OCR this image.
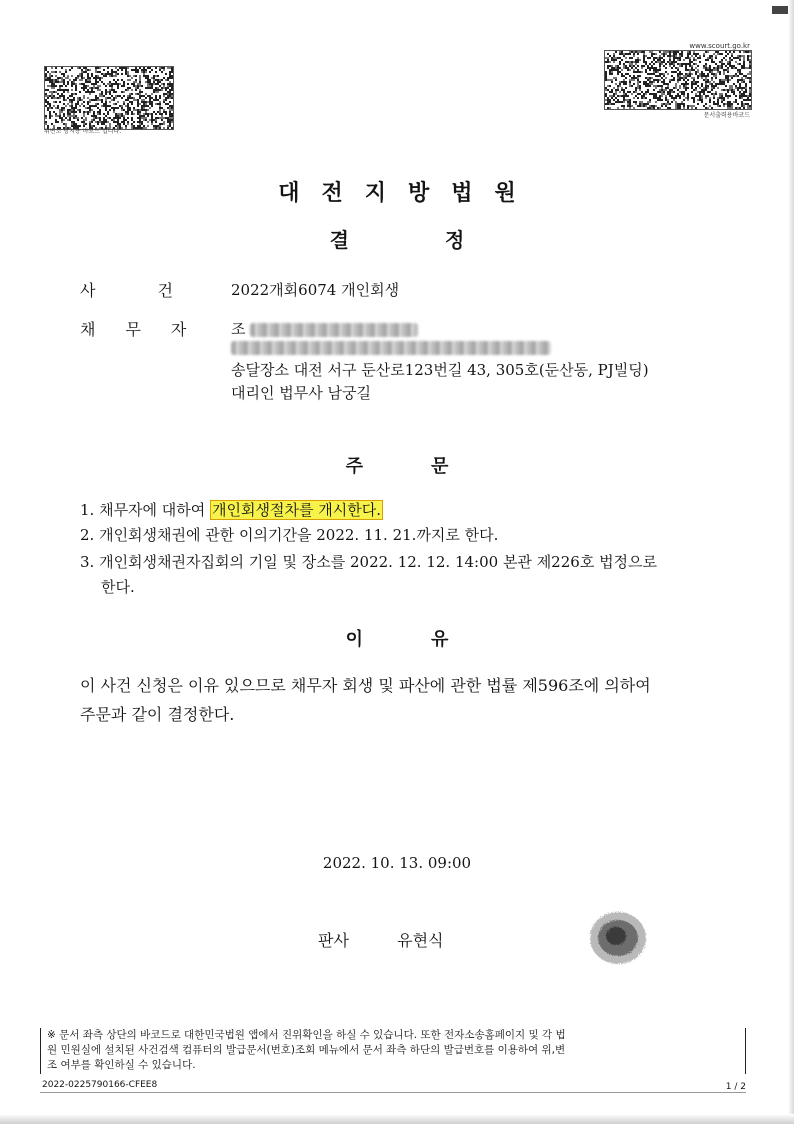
위변조 방지용 바코드 입니다.
www.scourt.go.kr
문서출력용바코드
대전지방법원
결정
사건
2022개회6074 개인회생
채무자 조
송달장소 대전 서구 둔산로123번길 43, 305호(둔산동, PJ빌딩)
대리인 법무사 남궁길
주문
1. 채무자에 대하여 개인회생절차를 개시한다.
2. 개인회생채권에 관한 이의기간을 2022. 11. 21.까지로 한다.
3. 개인회생채권자집회의 기일 및 장소를 2022. 12. 12. 14:00 본관 제226호 법정으로
한다.
이유
이 사건 신청은 이유 있으므로 채무자 회생 및 파산에 관한 법률 제596조에 의하여
주문과 같이 결정한다.
2022. 10. 13. 09:00
판사	유현식
※ 문서 좌측 상단의 바코드로 대한민국법원 앱에서 진위확인을 하실 수 있습니다. 또한 전자소송홈페이지 및 각 법
원 민원실에 설치된 사건검색 컴퓨터의 발급문서(번호)조회 메뉴에서 문서 좌측 하단의 발급번호를 이용하여 위,변
조 여부를 확인하실 수 있습니다.
2022-0225790166-CFEE8	1 / 2
